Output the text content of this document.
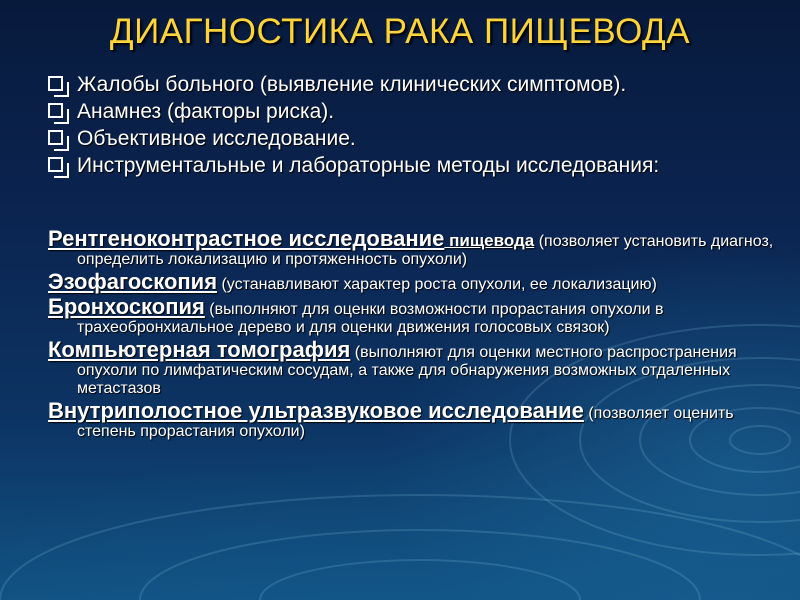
ДИАГНОСТИКА РАКА ПИЩЕВОДА
Жалобы больного (выявление клинических симптомов).
Анамнез (факторы риска).
Объективное исследование.
Инструментальные и лабораторные методы исследования:
Рентгеноконтрастное исследование пищевода (позволяет установить диагноз, определить локализацию и протяженность опухоли)
Эзофагоскопия (устанавливают характер роста опухоли, ее локализацию)
Бронхоскопия (выполняют для оценки возможности прорастания опухоли в трахеобронхиальное дерево и для оценки движения голосовых связок)
Компьютерная томография (выполняют для оценки местного распространения опухоли по лимфатическим сосудам, а также для обнаружения возможных отдаленных метастазов
Внутриполостное ультразвуковое исследование (позволяет оценить степень прорастания опухоли)
